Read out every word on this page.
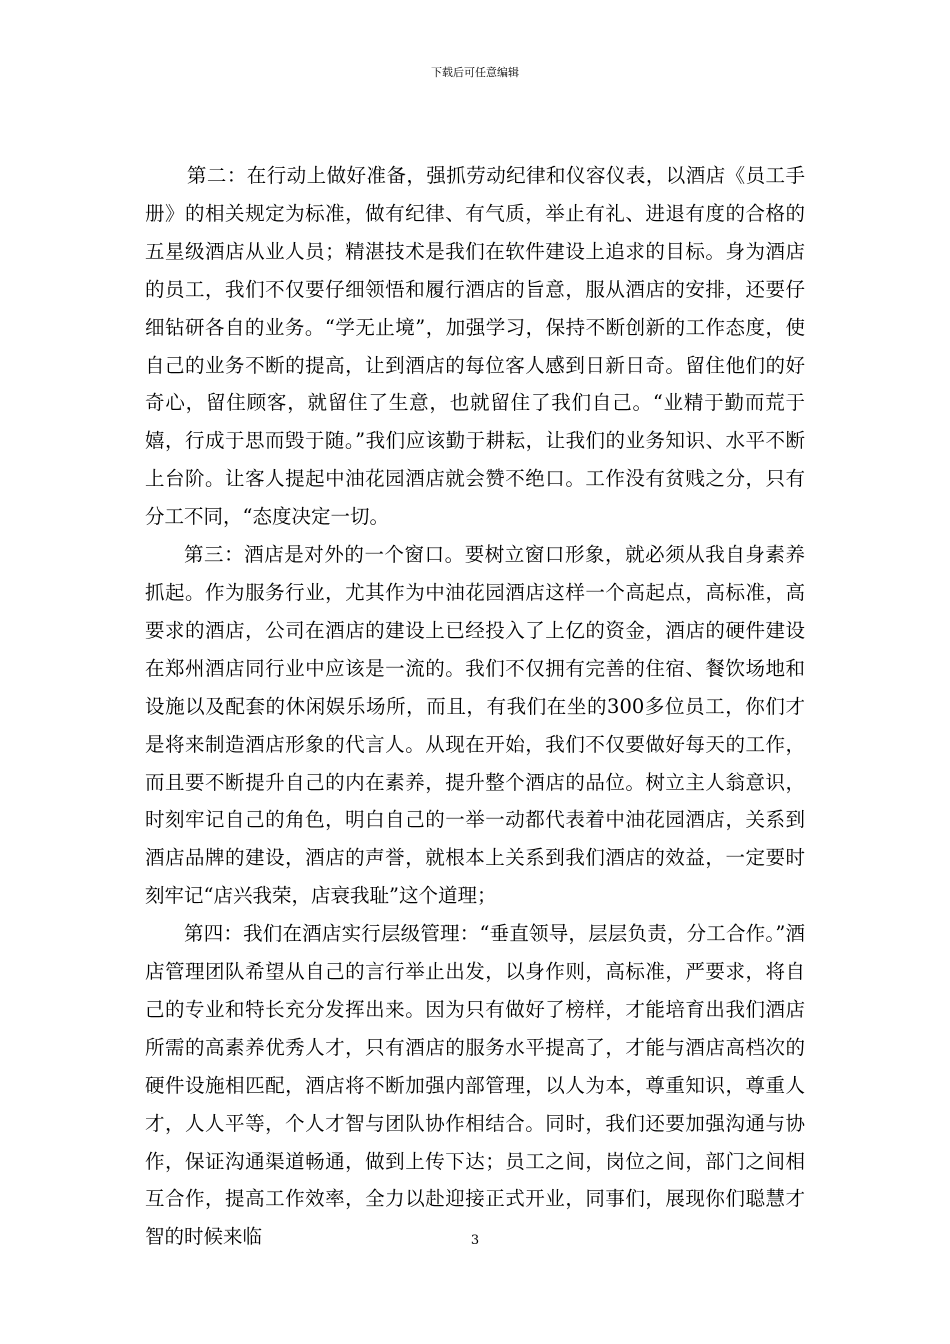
下载后可任意编辑

第二：在行动上做好准备，强抓劳动纪律和仪容仪表，以酒店《员工手册》的相关规定为标准，做有纪律、有气质，举止有礼、进退有度的合格的五星级酒店从业人员；精湛技术是我们在软件建设上追求的目标。身为酒店的员工，我们不仅要仔细领悟和履行酒店的旨意，服从酒店的安排，还要仔细钻研各自的业务。“学无止境”，加强学习，保持不断创新的工作态度，使自己的业务不断的提高，让到酒店的每位客人感到日新日奇。留住他们的好奇心，留住顾客，就留住了生意，也就留住了我们自己。“业精于勤而荒于嬉，行成于思而毁于随。”我们应该勤于耕耘，让我们的业务知识、水平不断上台阶。让客人提起中油花园酒店就会赞不绝口。工作没有贫贱之分，只有分工不同，“态度决定一切。

第三：酒店是对外的一个窗口。要树立窗口形象，就必须从我自身素养抓起。作为服务行业，尤其作为中油花园酒店这样一个高起点，高标准，高要求的酒店，公司在酒店的建设上已经投入了上亿的资金，酒店的硬件建设在郑州酒店同行业中应该是一流的。我们不仅拥有完善的住宿、餐饮场地和设施以及配套的休闲娱乐场所，而且，有我们在坐的300多位员工，你们才是将来制造酒店形象的代言人。从现在开始，我们不仅要做好每天的工作，而且要不断提升自己的内在素养，提升整个酒店的品位。树立主人翁意识，时刻牢记自己的角色，明白自己的一举一动都代表着中油花园酒店，关系到酒店品牌的建设，酒店的声誉，就根本上关系到我们酒店的效益，一定要时刻牢记“店兴我荣，店衰我耻”这个道理；

第四：我们在酒店实行层级管理：“垂直领导，层层负责，分工合作。”酒店管理团队希望从自己的言行举止出发，以身作则，高标准，严要求，将自己的专业和特长充分发挥出来。因为只有做好了榜样，才能培育出我们酒店所需的高素养优秀人才，只有酒店的服务水平提高了，才能与酒店高档次的硬件设施相匹配，酒店将不断加强内部管理，以人为本，尊重知识，尊重人才，人人平等，个人才智与团队协作相结合。同时，我们还要加强沟通与协作，保证沟通渠道畅通，做到上传下达；员工之间，岗位之间，部门之间相互合作，提高工作效率，全力以赴迎接正式开业，同事们，展现你们聪慧才智的时候来临	3
